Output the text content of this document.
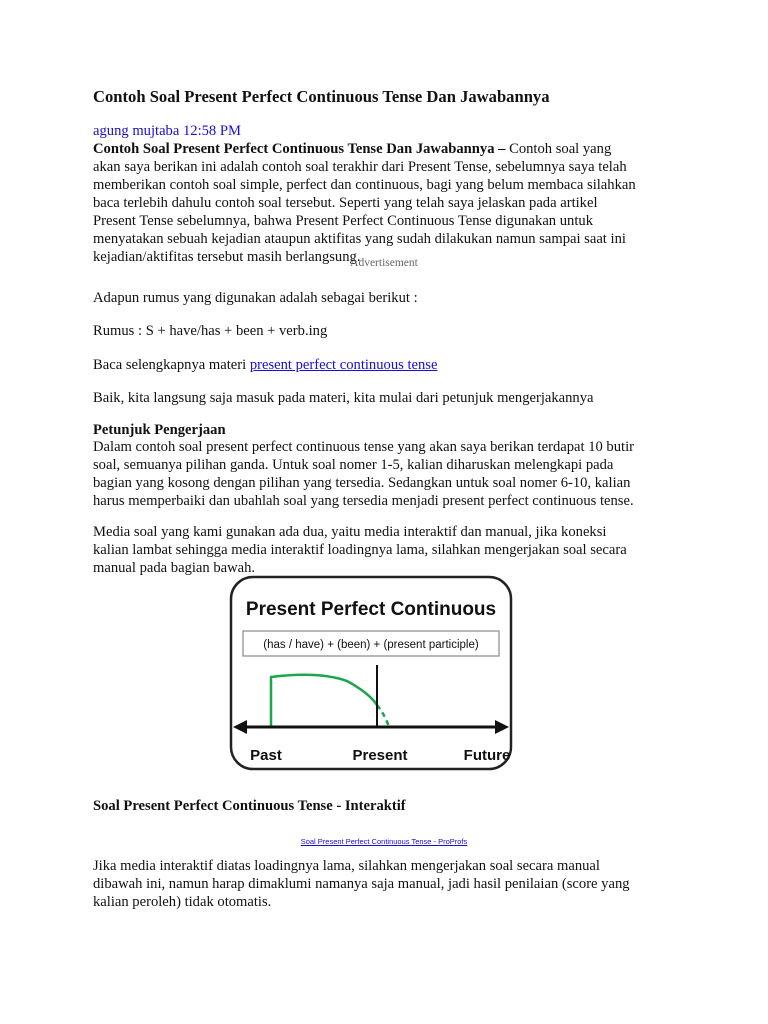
Contoh Soal Present Perfect Continuous Tense Dan Jawabannya
agung mujtaba 12:58 PM

Contoh Soal Present Perfect Continuous Tense Dan Jawabannya – Contoh soal yang
akan saya berikan ini adalah contoh soal terakhir dari Present Tense, sebelumnya saya telah
memberikan contoh soal simple, perfect dan continuous, bagi yang belum membaca silahkan
baca terlebih dahulu contoh soal tersebut. Seperti yang telah saya jelaskan pada artikel
Present Tense sebelumnya, bahwa Present Perfect Continuous Tense digunakan untuk
menyatakan sebuah kejadian ataupun aktifitas yang sudah dilakukan namun sampai saat ini
kejadian/aktifitas tersebut masih berlangsung.

Advertisement

Adapun rumus yang digunakan adalah sebagai berikut :

Rumus : S + have/has + been + verb.ing

Baca selengkapnya materi present perfect continuous tense

Baik, kita langsung saja masuk pada materi, kita mulai dari petunjuk mengerjakannya

Petunjuk Pengerjaan

Dalam contoh soal present perfect continuous tense yang akan saya berikan terdapat 10 butir
soal, semuanya pilihan ganda. Untuk soal nomer 1-5, kalian diharuskan melengkapi pada
bagian yang kosong dengan pilihan yang tersedia. Sedangkan untuk soal nomer 6-10, kalian
harus memperbaiki dan ubahlah soal yang tersedia menjadi present perfect continuous tense.

Media soal yang kami gunakan ada dua, yaitu media interaktif dan manual, jika koneksi
kalian lambat sehingga media interaktif loadingnya lama, silahkan mengerjakan soal secara
manual pada bagian bawah.

Present Perfect Continuous
(has / have) + (been) + (present participle)
Past	Present	Future

Soal Present Perfect Continuous Tense - Interaktif

Soal Present Perfect Continuous Tense - ProProfs

Jika media interaktif diatas loadingnya lama, silahkan mengerjakan soal secara manual
dibawah ini, namun harap dimaklumi namanya saja manual, jadi hasil penilaian (score yang
kalian peroleh) tidak otomatis.
